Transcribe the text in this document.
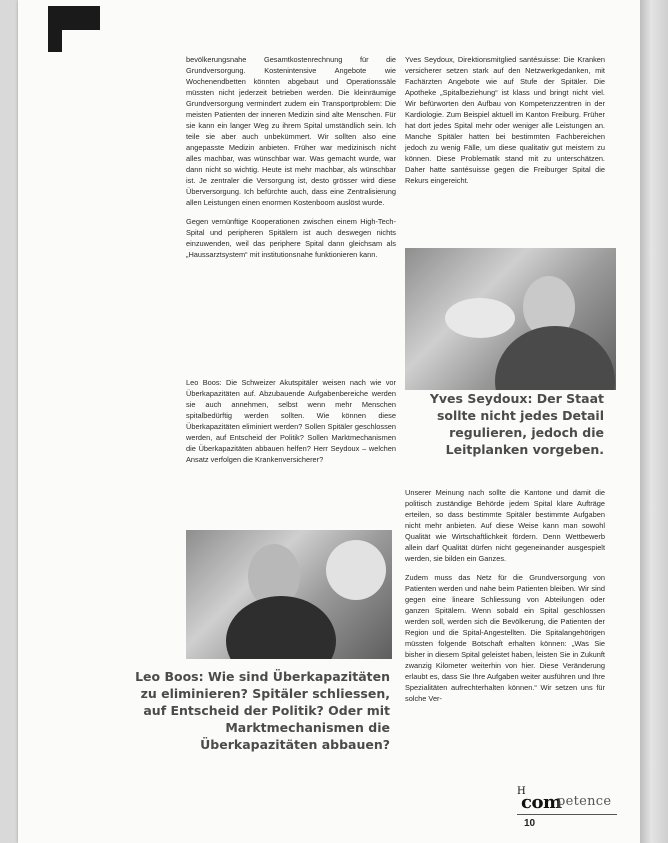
bevölkerungsnahe Gesamtkostenrechnung für die Grundversorgung. Kostenintensive Angebote wie Wochenendbetten könnten abgebaut und Operationssäle müssten nicht jederzeit betrieben werden. Die kleinräumige Grundversorgung vermindert zudem ein Transportproblem: Die meisten Patienten der inneren Medizin sind alte Menschen. Für sie kann ein langer Weg zu ihrem Spital umständlich sein. Ich teile sie aber auch unbekümmert. Wir sollten also eine angepasste Medizin anbieten. Früher war medizinisch nicht alles machbar, was wünschbar war. Was gemacht wurde, war dann nicht so wichtig. Heute ist mehr machbar, als wünschbar ist. Je zentraler die Versorgung ist, desto grösser wird diese Überversorgung. Ich befürchte auch, dass eine Zentralisierung allen Leistungen einen enormen Kostenboom auslöst wurde.

Gegen vernünftige Kooperationen zwischen einem High-Tech-Spital und peripheren Spitälern ist auch deswegen nichts einzuwenden, weil das periphere Spital dann gleichsam als „Haussarztsystem“ mit institutionsnahe funktionieren kann.

Leo Boos: Die Schweizer Akutspitäler weisen nach wie vor Überkapazitäten auf. Abzubauende Aufgabenbereiche werden sie auch annehmen, selbst wenn mehr Menschen spitalbedürftig werden sollten. Wie können diese Überkapazitäten eliminiert werden? Sollen Spitäler geschlossen werden, auf Entscheid der Politik? Sollen Marktmechanismen die Überkapazitäten abbauen helfen? Herr Seydoux – welchen Ansatz verfolgen die Krankenversicherer?

Yves Seydoux, Direktionsmitglied santésuisse: Die Kranken versicherer setzen stark auf den Netzwerkgedanken, mit Fachärzten Angebote wie auf Stufe der Spitäler. Die Apotheke „Spitalbeziehung“ ist klass und bringt nicht viel. Wir befürworten den Aufbau von Kompetenzzentren in der Kardiologie. Zum Beispiel aktuell im Kanton Freiburg. Früher hat dort jedes Spital mehr oder weniger alle Leistungen an. Manche Spitäler hatten bei bestimmten Fachbereichen jedoch zu wenig Fälle, um diese qualitativ gut meistern zu können. Diese Problematik stand mit zu unterschätzen. Daher hatte santésuisse gegen die Freiburger Spital die Rekurs eingereicht.

Yves Seydoux: Der Staat sollte nicht jedes Detail regulieren, jedoch die Leitplanken vorgeben.

Unserer Meinung nach sollte die Kantone und damit die politisch zuständige Behörde jedem Spital klare Aufträge erteilen, so dass bestimmte Spitäler bestimmte Aufgaben nicht mehr anbieten. Auf diese Weise kann man sowohl Qualität wie Wirtschaftlichkeit fördern. Denn Wettbewerb allein darf Qualität dürfen nicht gegeneinander ausgespielt werden, sie bilden ein Ganzes.

Zudem muss das Netz für die Grundversorgung von Patienten werden und nahe beim Patienten bleiben. Wir sind gegen eine lineare Schliessung von Abteilungen oder ganzen Spitälern. Wenn sobald ein Spital geschlossen werden soll, werden sich die Bevölkerung, die Patienten der Region und die Spital-Angestellten. Die Spitalangehörigen müssten folgende Botschaft erhalten können: „Was Sie bisher in diesem Spital geleistet haben, leisten Sie in Zukunft zwanzig Kilometer weiterhin von hier. Diese Veränderung erlaubt es, dass Sie Ihre Aufgaben weiter ausführen und Ihre Spezialitäten aufrechterhalten können.“ Wir setzen uns für solche Ver-

Leo Boos: Wie sind Überkapazitäten zu eliminieren? Spitäler schliessen, auf Entscheid der Politik? Oder mit Marktmechanismen die Überkapazitäten abbauen?
H
com
petence
10
